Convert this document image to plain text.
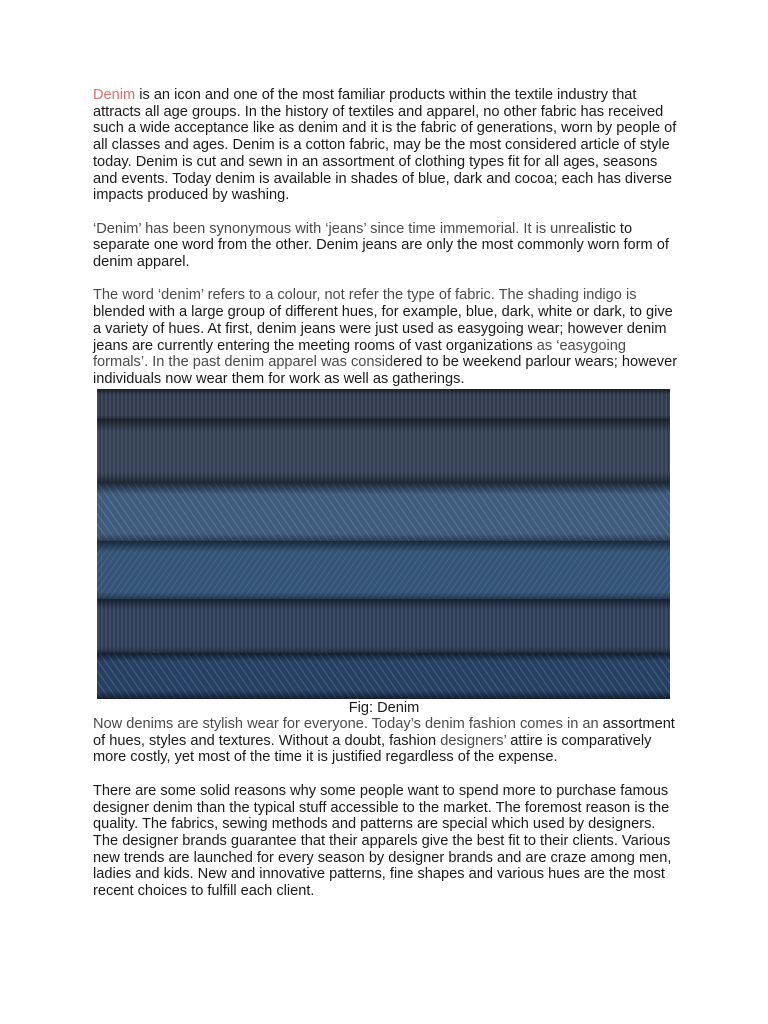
Denim is an icon and one of the most familiar products within the textile industry that attracts all age groups. In the history of textiles and apparel, no other fabric has received such a wide acceptance like as denim and it is the fabric of generations, worn by people of all classes and ages. Denim is a cotton fabric, may be the most considered article of style today. Denim is cut and sewn in an assortment of clothing types fit for all ages, seasons and events. Today denim is available in shades of blue, dark and cocoa; each has diverse impacts produced by washing.

‘Denim’ has been synonymous with ‘jeans’ since time immemorial. It is unrealistic to separate one word from the other. Denim jeans are only the most commonly worn form of denim apparel.

The word ‘denim’ refers to a colour, not refer the type of fabric. The shading indigo is blended with a large group of different hues, for example, blue, dark, white or dark, to give a variety of hues. At first, denim jeans were just used as easygoing wear; however denim jeans are currently entering the meeting rooms of vast organizations as ‘easygoing formals’. In the past denim apparel was considered to be weekend parlour wears; however individuals now wear them for work as well as gatherings.

Fig: Denim

Now denims are stylish wear for everyone. Today’s denim fashion comes in an assortment of hues, styles and textures. Without a doubt, fashion designers’ attire is comparatively more costly, yet most of the time it is justified regardless of the expense.

There are some solid reasons why some people want to spend more to purchase famous designer denim than the typical stuff accessible to the market. The foremost reason is the quality. The fabrics, sewing methods and patterns are special which used by designers. The designer brands guarantee that their apparels give the best fit to their clients. Various new trends are launched for every season by designer brands and are craze among men, ladies and kids. New and innovative patterns, fine shapes and various hues are the most recent choices to fulfill each client.
